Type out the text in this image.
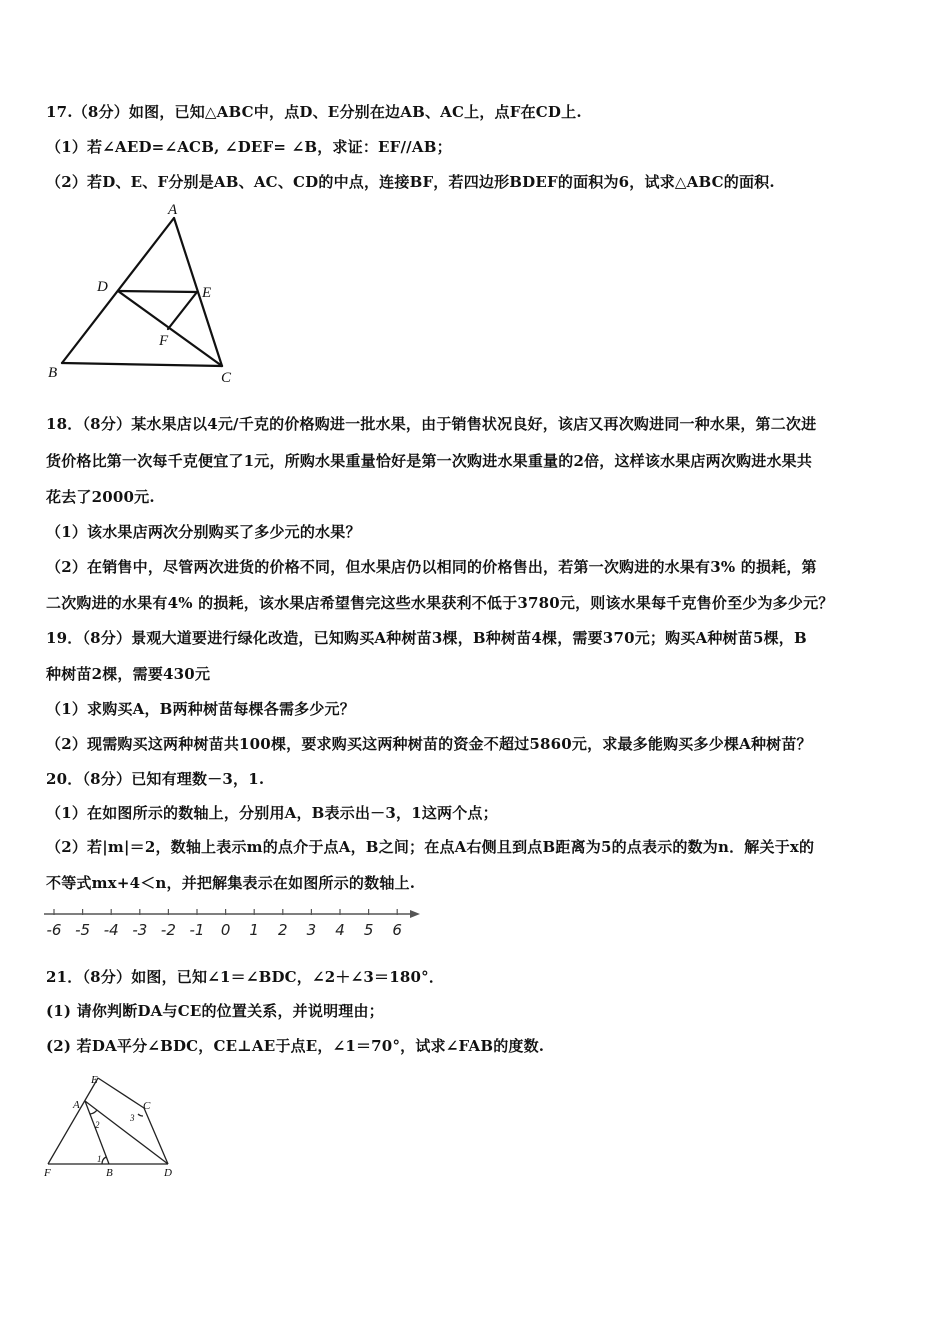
17.（8分）如图，已知△ABC中，点D、E分别在边AB、AC上，点F在CD上.
（1）若∠AED=∠ACB, ∠DEF= ∠B，求证：EF//AB；
（2）若D、E、F分别是AB、AC、CD的中点，连接BF，若四边形BDEF的面积为6，试求△ABC的面积.
A
D	E
F
B	C
18．（8分）某水果店以4元/千克的价格购进一批水果，由于销售状况良好，该店又再次购进同一种水果，第二次进
货价格比第一次每千克便宜了1元，所购水果重量恰好是第一次购进水果重量的2倍，这样该水果店两次购进水果共
花去了2000元.
（1）该水果店两次分别购买了多少元的水果？
（2）在销售中，尽管两次进货的价格不同，但水果店仍以相同的价格售出，若第一次购进的水果有3% 的损耗，第
二次购进的水果有4% 的损耗，该水果店希望售完这些水果获利不低于3780元，则该水果每千克售价至少为多少元？
19．（8分）景观大道要进行绿化改造，已知购买A种树苗3棵，B种树苗4棵，需要370元；购买A种树苗5棵，B
种树苗2棵，需要430元
（1）求购买A，B两种树苗每棵各需多少元？
（2）现需购买这两种树苗共100棵，要求购买这两种树苗的资金不超过5860元，求最多能购买多少棵A种树苗？
20．（8分）已知有理数－3，1.
（1）在如图所示的数轴上，分别用A，B表示出－3，1这两个点；
（2）若|m|＝2，数轴上表示m的点介于点A，B之间；在点A右侧且到点B距离为5的点表示的数为n．解关于x的
不等式mx+4＜n，并把解集表示在如图所示的数轴上.
-6 -5 -4 -3 -2 -1 0 1 2 3 4 5 6
21．（8分）如图，已知∠1＝∠BDC，∠2＋∠3＝180°．
(1) 请你判断DA与CE的位置关系，并说明理由；
(2) 若DA平分∠BDC，CE⊥AE于点E，∠1＝70°，试求∠FAB的度数.
E
A	C
F	B	D
1
2
3
